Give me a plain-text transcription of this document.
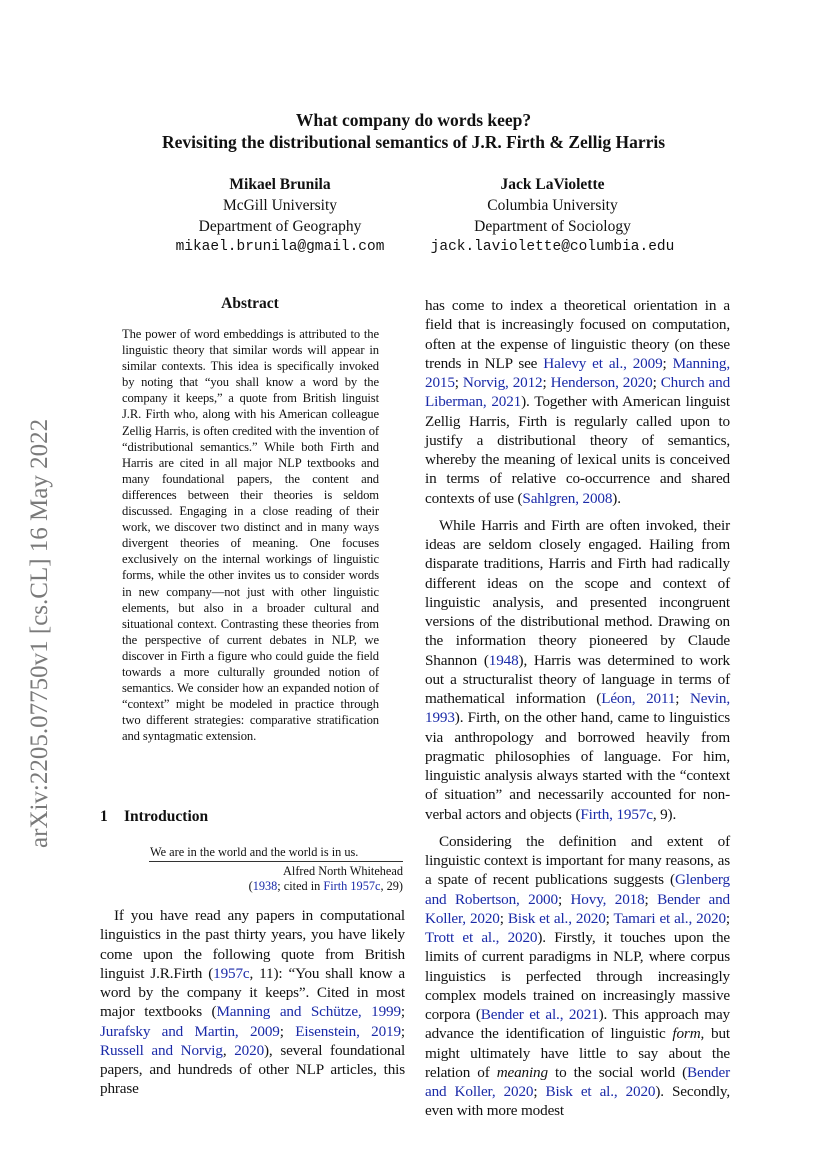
arXiv:2205.07750v1 [cs.CL] 16 May 2022
What company do words keep?
Revisiting the distributional semantics of J.R. Firth & Zellig Harris
Mikael Brunila
McGill University
Department of Geography
mikael.brunila@gmail.com
Jack LaViolette
Columbia University
Department of Sociology
jack.laviolette@columbia.edu
Abstract
The power of word embeddings is attributed to the linguistic theory that similar words will appear in similar contexts. This idea is specifically invoked by noting that “you shall know a word by the company it keeps,” a quote from British linguist J.R. Firth who, along with his American colleague Zellig Harris, is often credited with the invention of “distributional semantics.” While both Firth and Harris are cited in all major NLP textbooks and many foundational papers, the content and differences between their theories is seldom discussed. Engaging in a close reading of their work, we discover two distinct and in many ways divergent theories of meaning. One focuses exclusively on the internal workings of linguistic forms, while the other invites us to consider words in new company—not just with other linguistic elements, but also in a broader cultural and situational context. Contrasting these theories from the perspective of current debates in NLP, we discover in Firth a figure who could guide the field towards a more culturally grounded notion of semantics. We consider how an expanded notion of “context” might be modeled in practice through two different strategies: comparative stratification and syntagmatic extension.
1 Introduction
We are in the world and the world is in us.
Alfred North Whitehead
(1938; cited in Firth 1957c, 29)

If you have read any papers in computational linguistics in the past thirty years, you have likely come upon the following quote from British linguist J.R.Firth (1957c, 11): “You shall know a word by the company it keeps”. Cited in most major textbooks (Manning and Schütze, 1999; Jurafsky and Martin, 2009; Eisenstein, 2019; Russell and Norvig, 2020), several foundational papers, and hundreds of other NLP articles, this phrase

has come to index a theoretical orientation in a field that is increasingly focused on computation, often at the expense of linguistic theory (on these trends in NLP see Halevy et al., 2009; Manning, 2015; Norvig, 2012; Henderson, 2020; Church and Liberman, 2021). Together with American linguist Zellig Harris, Firth is regularly called upon to justify a distributional theory of semantics, whereby the meaning of lexical units is conceived in terms of relative co-occurrence and shared contexts of use (Sahlgren, 2008).

While Harris and Firth are often invoked, their ideas are seldom closely engaged. Hailing from disparate traditions, Harris and Firth had radically different ideas on the scope and context of linguistic analysis, and presented incongruent versions of the distributional method. Drawing on the information theory pioneered by Claude Shannon (1948), Harris was determined to work out a structuralist theory of language in terms of mathematical information (Léon, 2011; Nevin, 1993). Firth, on the other hand, came to linguistics via anthropology and borrowed heavily from pragmatic philosophies of language. For him, linguistic analysis always started with the “context of situation” and necessarily accounted for non-verbal actors and objects (Firth, 1957c, 9).

Considering the definition and extent of linguistic context is important for many reasons, as a spate of recent publications suggests (Glenberg and Robertson, 2000; Hovy, 2018; Bender and Koller, 2020; Bisk et al., 2020; Tamari et al., 2020; Trott et al., 2020). Firstly, it touches upon the limits of current paradigms in NLP, where corpus linguistics is perfected through increasingly complex models trained on increasingly massive corpora (Bender et al., 2021). This approach may advance the identification of linguistic form, but might ultimately have little to say about the relation of meaning to the social world (Bender and Koller, 2020; Bisk et al., 2020). Secondly, even with more modest
